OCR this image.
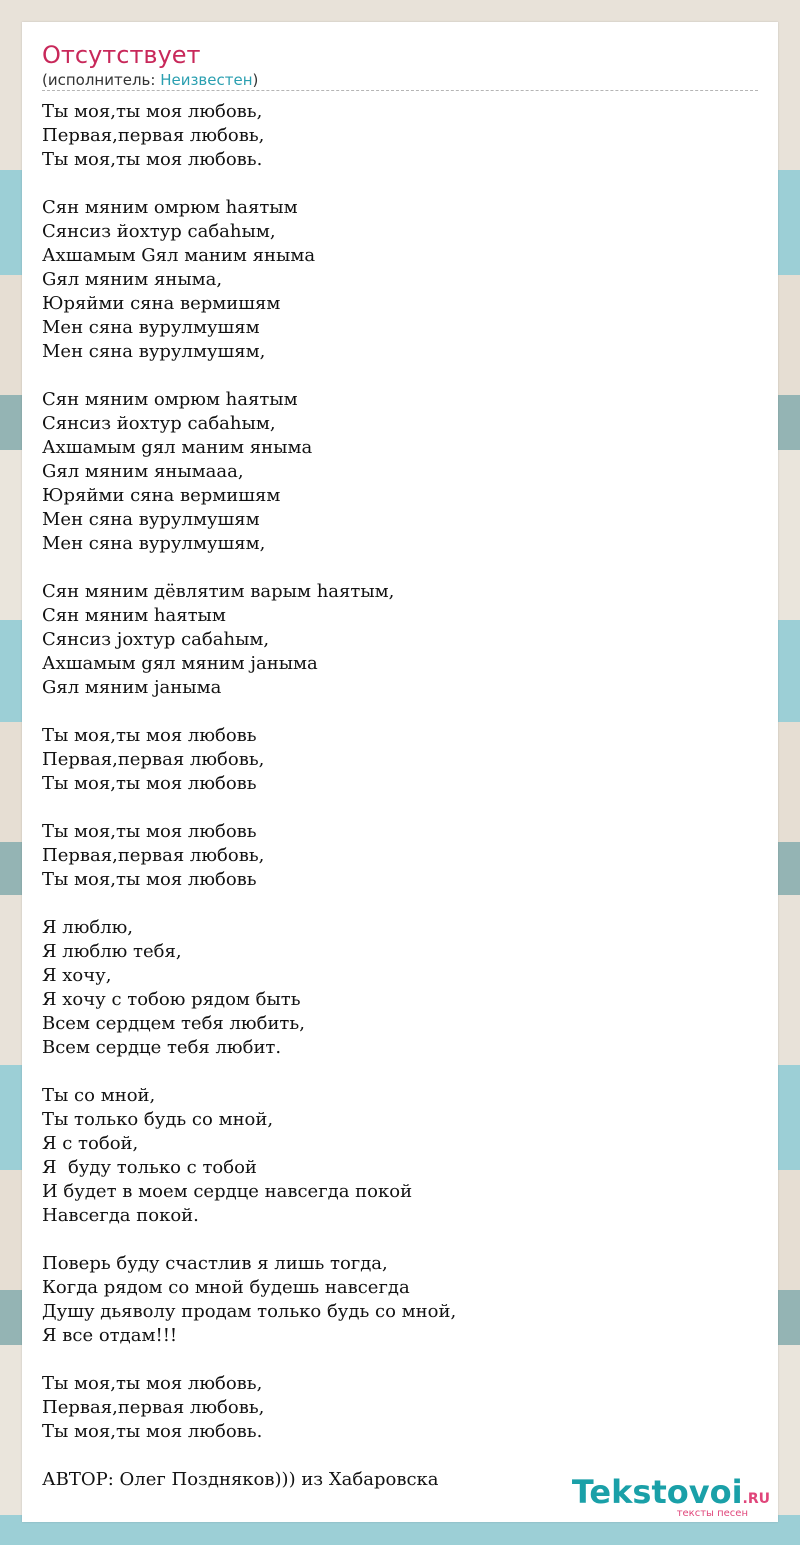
Отсутствует
(исполнитель: Неизвестен)
Ты моя,ты моя любовь,
Первая,первая любовь,
Ты моя,ты моя любовь.
Сян мяним омрюм hаятым
Сянсиз йохтур сабаhым,
Ахшамым Gял маним яныма
Gял мяним яныма,
Юряйми сяна вермишям
Мен сяна вурулмушям
Мен сяна вурулмушям,
Сян мяним омрюм hаятым
Сянсиз йохтур сабаhым,
Ахшамым gял маним яныма
Gял мяним янымааа,
Юряйми сяна вермишям
Мен сяна вурулмушям
Мен сяна вурулмушям,
Сян мяним дёвлятим варым hаятым,
Сян мяним hаятым
Сянсиз jохтур сабаhым,
Ахшамым gял мяним jаныма
Gял мяним jаныма
Ты моя,ты моя любовь
Первая,первая любовь,
Ты моя,ты моя любовь
Ты моя,ты моя любовь
Первая,первая любовь,
Ты моя,ты моя любовь
Я люблю,
Я люблю тебя,
Я хочу,
Я хочу с тобою рядом быть
Всем сердцем тебя любить,
Всем сердце тебя любит.
Ты со мной,
Ты только будь со мной,
Я с тобой,
Я  буду только с тобой
И будет в моем сердце навсегда покой
Навсегда покой.
Поверь буду счастлив я лишь тогда,
Когда рядом со мной будешь навсегда
Душу дьяволу продам только будь со мной,
Я все отдам!!!
Ты моя,ты моя любовь,
Первая,первая любовь,
Ты моя,ты моя любовь.
АВТОР: Олег Поздняков))) из Хабаровска	Tekstovoi.RU
тексты песен
